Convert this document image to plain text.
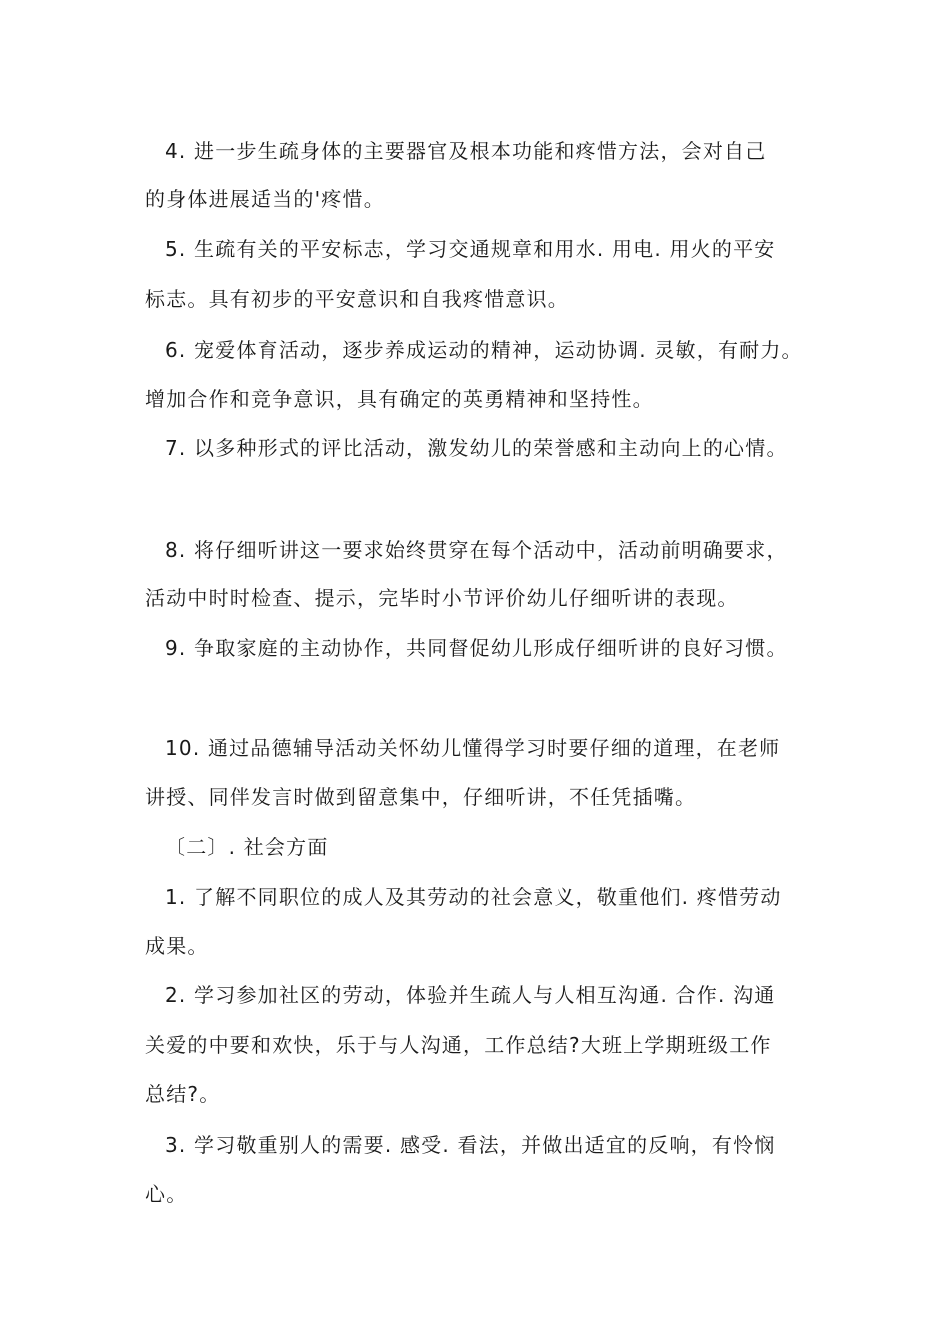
4. 进一步生疏身体的主要器官及根本功能和疼惜方法，会对自己
的身体进展适当的'疼惜。
5. 生疏有关的平安标志，学习交通规章和用水. 用电. 用火的平安
标志。具有初步的平安意识和自我疼惜意识。
6. 宠爱体育活动，逐步养成运动的精神，运动协调. 灵敏，有耐力。
增加合作和竞争意识，具有确定的英勇精神和坚持性。
7. 以多种形式的评比活动，激发幼儿的荣誉感和主动向上的心情。
8. 将仔细听讲这一要求始终贯穿在每个活动中，活动前明确要求，
活动中时时检查、提示，完毕时小节评价幼儿仔细听讲的表现。
9. 争取家庭的主动协作，共同督促幼儿形成仔细听讲的良好习惯。
10. 通过品德辅导活动关怀幼儿懂得学习时要仔细的道理，在老师
讲授、同伴发言时做到留意集中，仔细听讲，不任凭插嘴。
〔二〕. 社会方面
1. 了解不同职位的成人及其劳动的社会意义，敬重他们. 疼惜劳动
成果。
2. 学习参加社区的劳动，体验并生疏人与人相互沟通. 合作. 沟通
关爱的中要和欢快，乐于与人沟通，工作总结?大班上学期班级工作
总结?。
3. 学习敬重别人的需要. 感受. 看法，并做出适宜的反响，有怜悯
心。
